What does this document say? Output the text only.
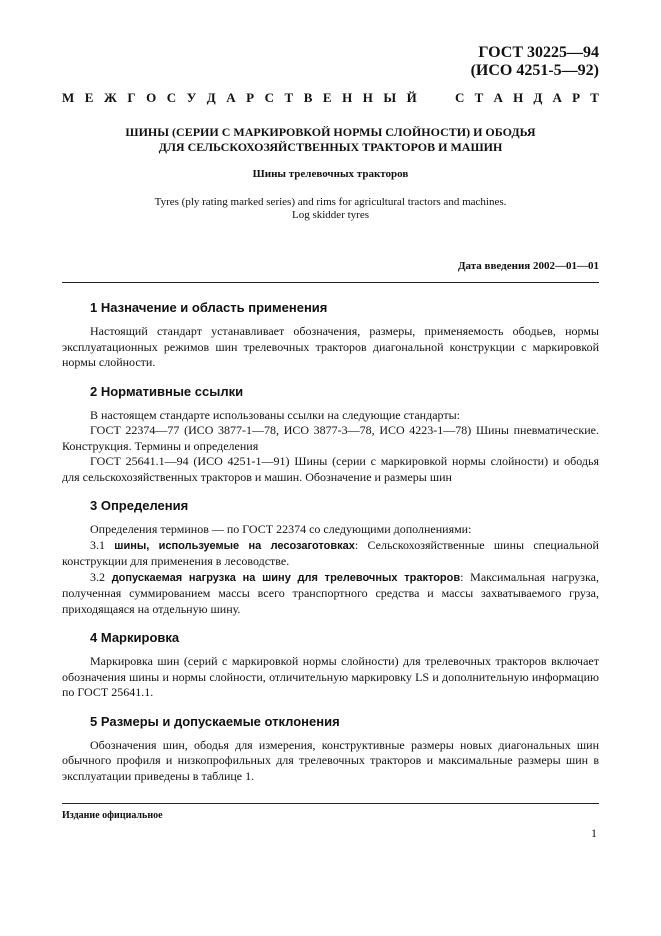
ГОСТ 30225—94
(ИСО 4251-5—92)
М Е Ж Г О С У Д А Р С Т В Е Н Н Ы Й	С Т А Н Д А Р Т
ШИНЫ (СЕРИИ С МАРКИРОВКОЙ НОРМЫ СЛОЙНОСТИ) И ОБОДЬЯ
ДЛЯ СЕЛЬСКОХОЗЯЙСТВЕННЫХ ТРАКТОРОВ И МАШИН
Шины трелевочных тракторов
Tyres (ply rating marked series) and rims for agricultural tractors and machines.
Log skidder tyres
Дата введения 2002—01—01
1 Назначение и область применения

Настоящий стандарт устанавливает обозначения, размеры, применяемость ободьев, нормы эксплуатационных режимов шин трелевочных тракторов диагональной конструкции с маркировкой нормы слойности.

2 Нормативные ссылки

В настоящем стандарте использованы ссылки на следующие стандарты:

ГОСТ 22374—77 (ИСО 3877-1—78, ИСО 3877-3—78, ИСО 4223-1—78) Шины пневматические. Конструкция. Термины и определения

ГОСТ 25641.1—94 (ИСО 4251-1—91) Шины (серии с маркировкой нормы слойности) и ободья для сельскохозяйственных тракторов и машин. Обозначение и размеры шин

3 Определения

Определения терминов — по ГОСТ 22374 со следующими дополнениями:

3.1 шины, используемые на лесозаготовках: Сельскохозяйственные шины специальной конструкции для применения в лесоводстве.

3.2 допускаемая нагрузка на шину для трелевочных тракторов: Максимальная нагрузка, полученная суммированием массы всего транспортного средства и массы захватываемого груза, приходящаяся на отдельную шину.

4 Маркировка

Маркировка шин (серий с маркировкой нормы слойности) для трелевочных тракторов включает обозначения шины и нормы слойности, отличительную маркировку LS и дополнительную информацию по ГОСТ 25641.1.

5 Размеры и допускаемые отклонения

Обозначения шин, ободья для измерения, конструктивные размеры новых диагональных шин обычного профиля и низкопрофильных для трелевочных тракторов и максимальные размеры шин в эксплуатации приведены в таблице 1.

Издание официальное
1
